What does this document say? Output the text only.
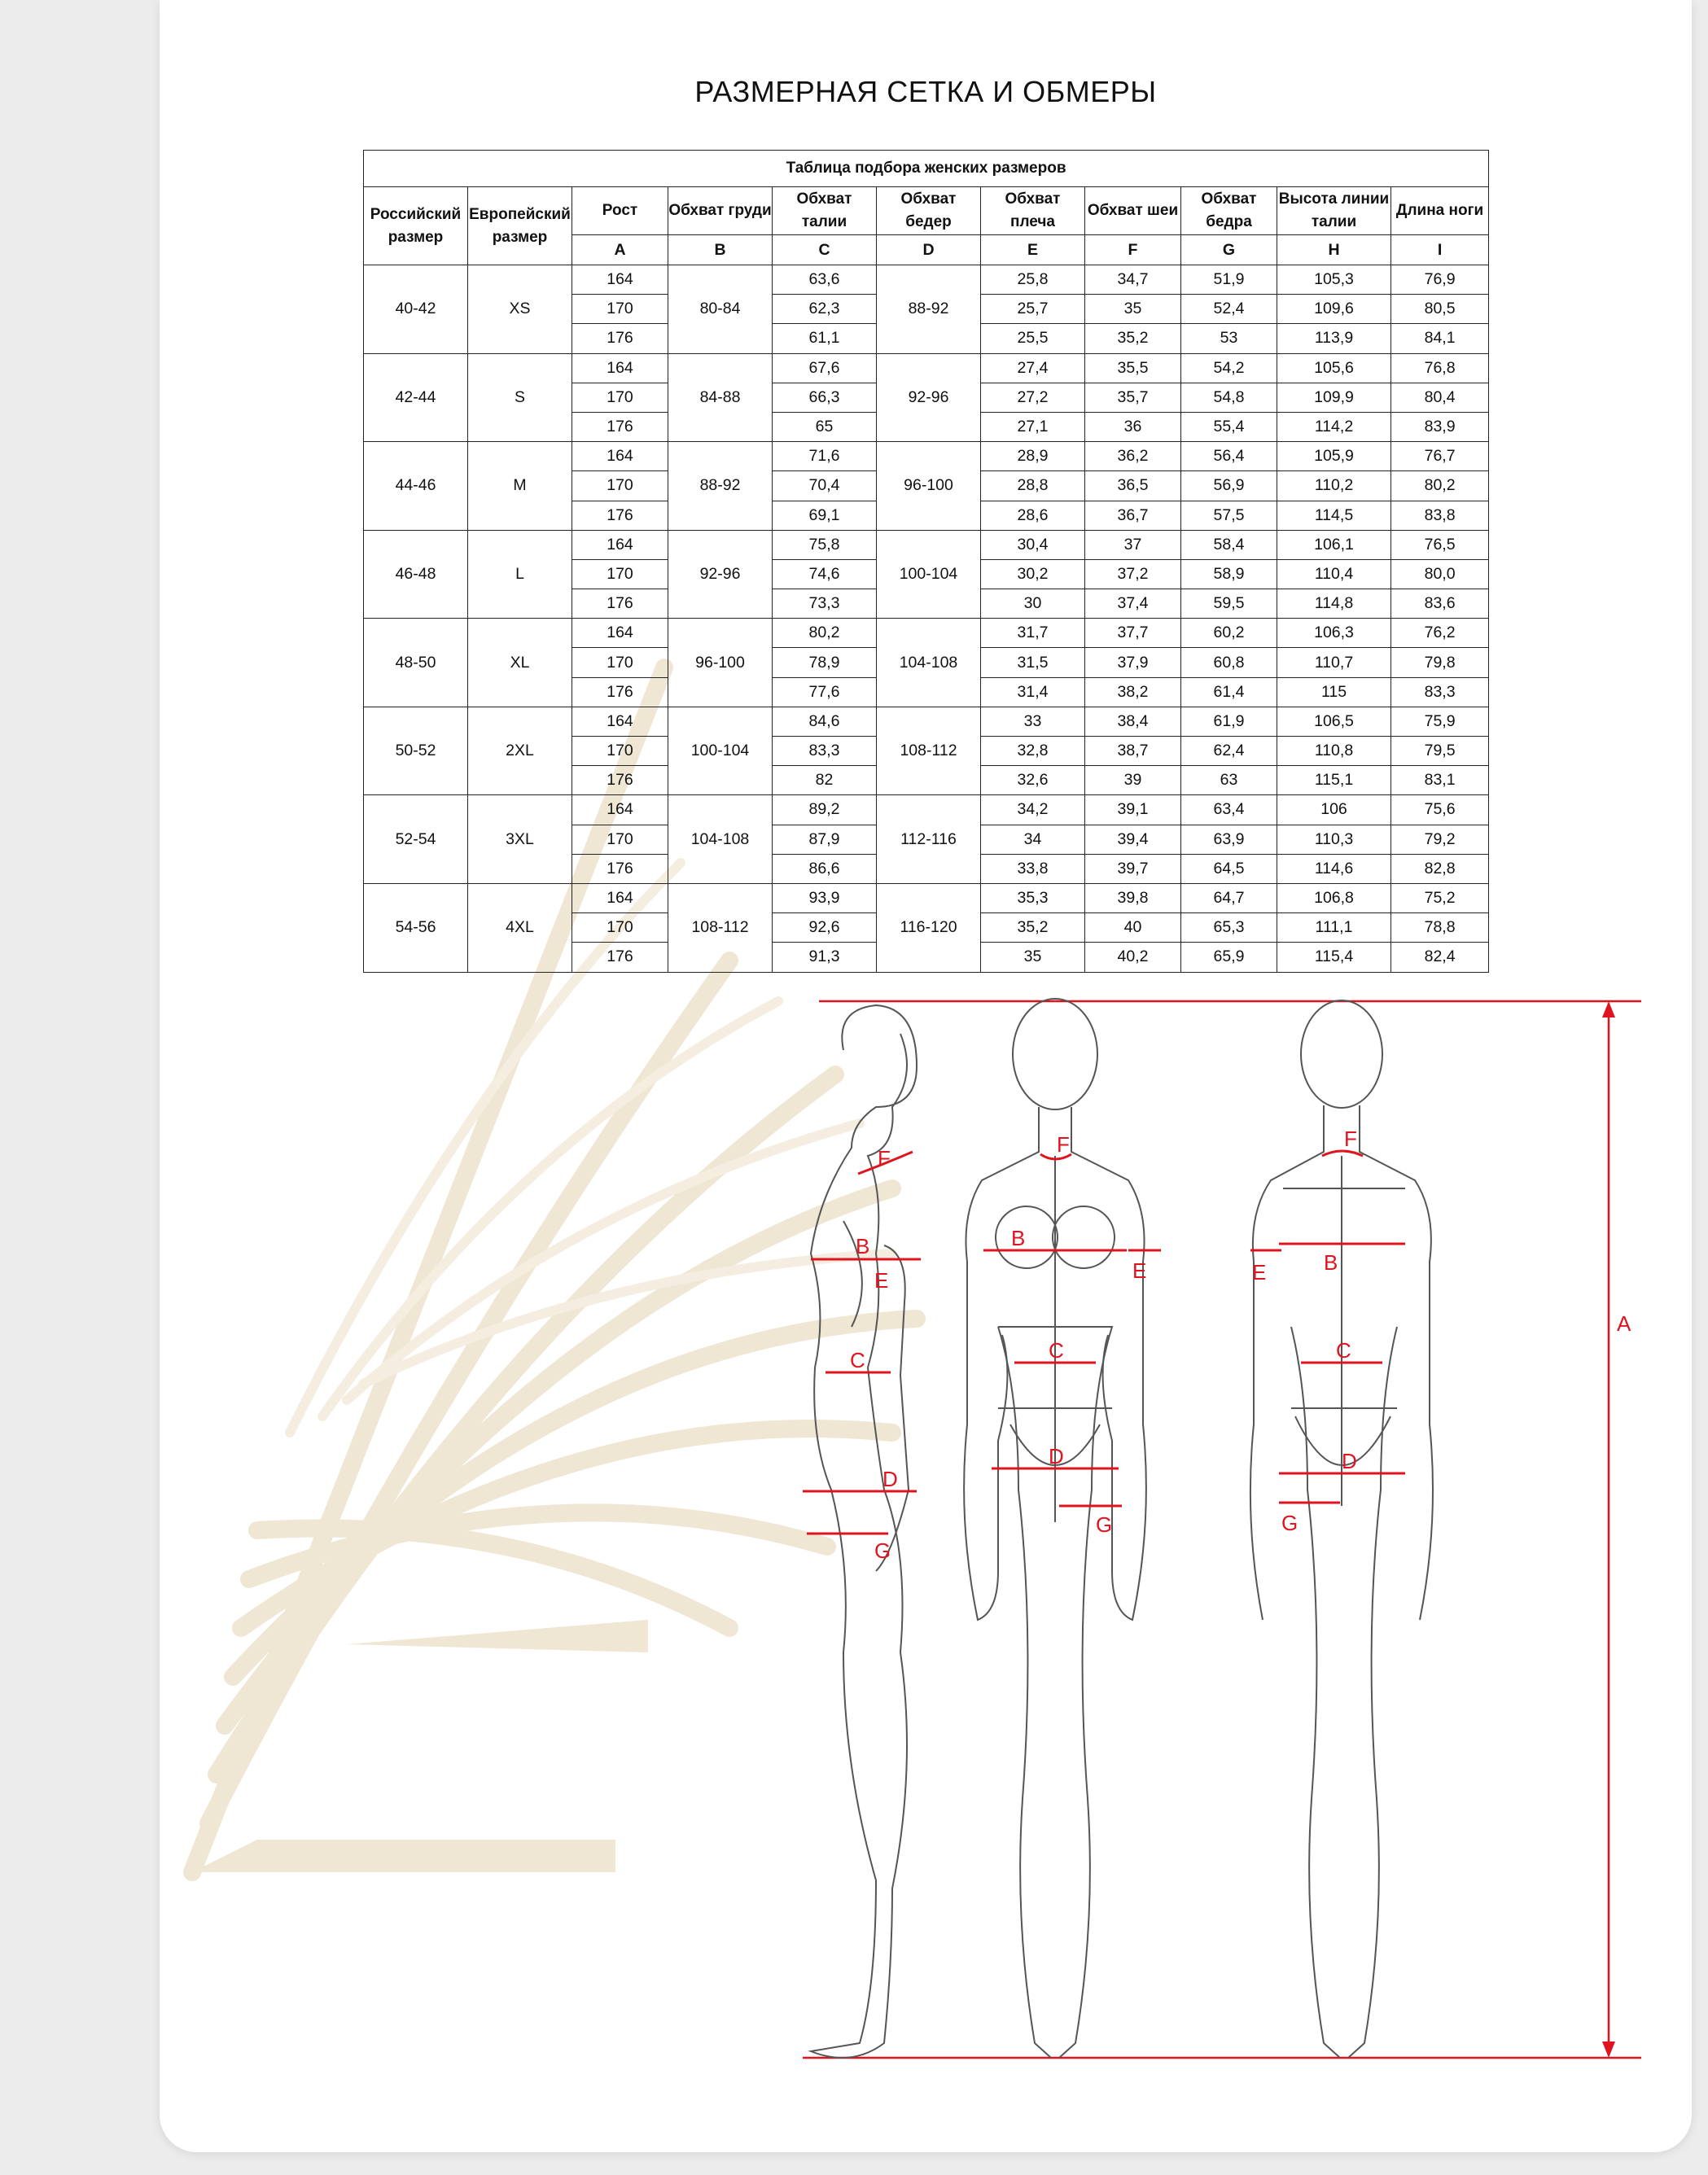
РАЗМЕРНАЯ СЕТКА И ОБМЕРЫ
Таблица подбора женских размеров										
Российский размер	Европейский размер	Рост	Обхват груди	Обхват талии	Обхват бедер	Обхват плеча	Обхват шеи	Обхват бедра	Высота линии талии	Длина ноги
		A	B	C	D	E	F	G	H	I
40-42	XS	164	80-84	63,6	88-92	25,8	34,7	51,9	105,3	76,9
		170		62,3		25,7	35	52,4	109,6	80,5
		176		61,1		25,5	35,2	53	113,9	84,1
42-44	S	164	84-88	67,6	92-96	27,4	35,5	54,2	105,6	76,8
		170		66,3		27,2	35,7	54,8	109,9	80,4
		176		65		27,1	36	55,4	114,2	83,9
44-46	M	164	88-92	71,6	96-100	28,9	36,2	56,4	105,9	76,7
		170		70,4		28,8	36,5	56,9	110,2	80,2
		176		69,1		28,6	36,7	57,5	114,5	83,8
46-48	L	164	92-96	75,8	100-104	30,4	37	58,4	106,1	76,5
		170		74,6		30,2	37,2	58,9	110,4	80,0
		176		73,3		30	37,4	59,5	114,8	83,6
48-50	XL	164	96-100	80,2	104-108	31,7	37,7	60,2	106,3	76,2
		170		78,9		31,5	37,9	60,8	110,7	79,8
		176		77,6		31,4	38,2	61,4	115	83,3
50-52	2XL	164	100-104	84,6	108-112	33	38,4	61,9	106,5	75,9
		170		83,3		32,8	38,7	62,4	110,8	79,5
		176		82		32,6	39	63	115,1	83,1
52-54	3XL	164	104-108	89,2	112-116	34,2	39,1	63,4	106	75,6
		170		87,9		34	39,4	63,9	110,3	79,2
		176		86,6		33,8	39,7	64,5	114,6	82,8
54-56	4XL	164	108-112	93,9	116-120	35,3	39,8	64,7	106,8	75,2
		170		92,6		35,2	40	65,3	111,1	78,8
		176		91,3		35	40,2	65,9	115,4	82,4
F
B
E
C
D
G
F
B
E
C
D
G
F
B
E
C
D
G
A
